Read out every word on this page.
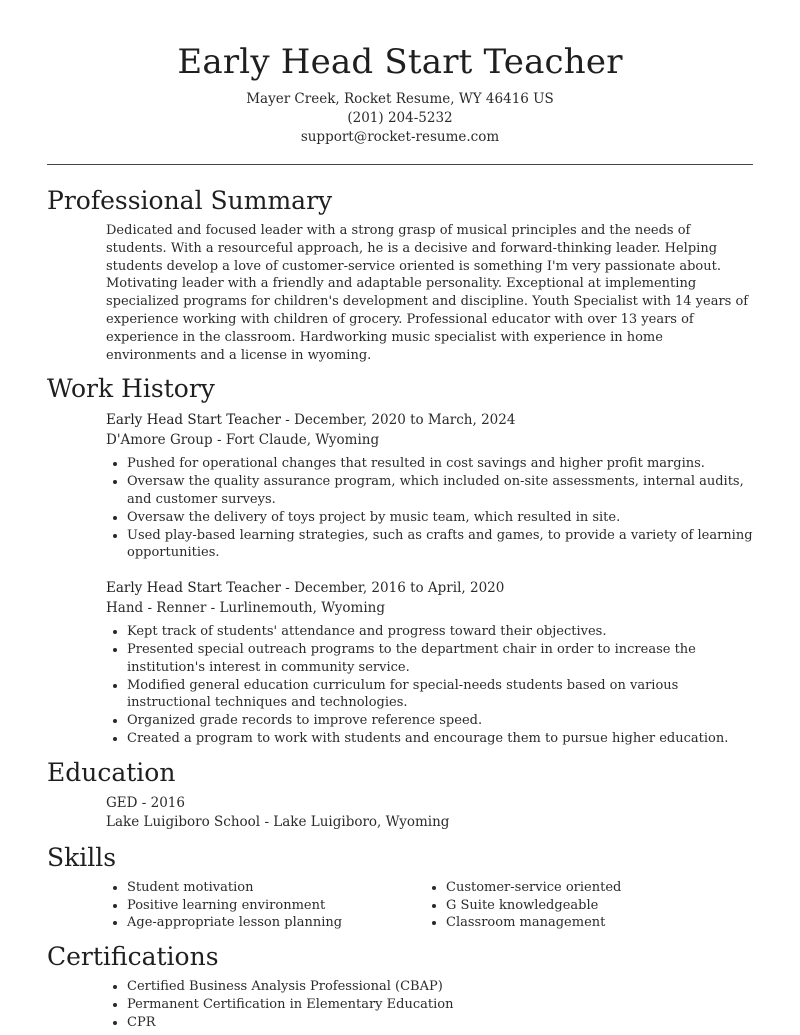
Early Head Start Teacher
Mayer Creek, Rocket Resume, WY 46416 US
(201) 204-5232
support@rocket-resume.com
Professional Summary
Dedicated and focused leader with a strong grasp of musical principles and the needs of students. With a resourceful approach, he is a decisive and forward-thinking leader. Helping students develop a love of customer-service oriented is something I'm very passionate about. Motivating leader with a friendly and adaptable personality. Exceptional at implementing specialized programs for children's development and discipline. Youth Specialist with 14 years of experience working with children of grocery. Professional educator with over 13 years of experience in the classroom. Hardworking music specialist with experience in home environments and a license in wyoming.
Work History
Early Head Start Teacher - December, 2020 to March, 2024
D'Amore Group - Fort Claude, Wyoming
• Pushed for operational changes that resulted in cost savings and higher profit margins.
• Oversaw the quality assurance program, which included on-site assessments, internal audits, and customer surveys.
• Oversaw the delivery of toys project by music team, which resulted in site.
• Used play-based learning strategies, such as crafts and games, to provide a variety of learning opportunities.
Early Head Start Teacher - December, 2016 to April, 2020
Hand - Renner - Lurlinemouth, Wyoming
• Kept track of students' attendance and progress toward their objectives.
• Presented special outreach programs to the department chair in order to increase the institution's interest in community service.
• Modified general education curriculum for special-needs students based on various instructional techniques and technologies.
• Organized grade records to improve reference speed.
• Created a program to work with students and encourage them to pursue higher education.
Education
GED - 2016
Lake Luigiboro School - Lake Luigiboro, Wyoming
Skills
• Student motivation
• Positive learning environment
• Age-appropriate lesson planning
• Customer-service oriented
• G Suite knowledgeable
• Classroom management
Certifications
• Certified Business Analysis Professional (CBAP)
• Permanent Certification in Elementary Education
• CPR
